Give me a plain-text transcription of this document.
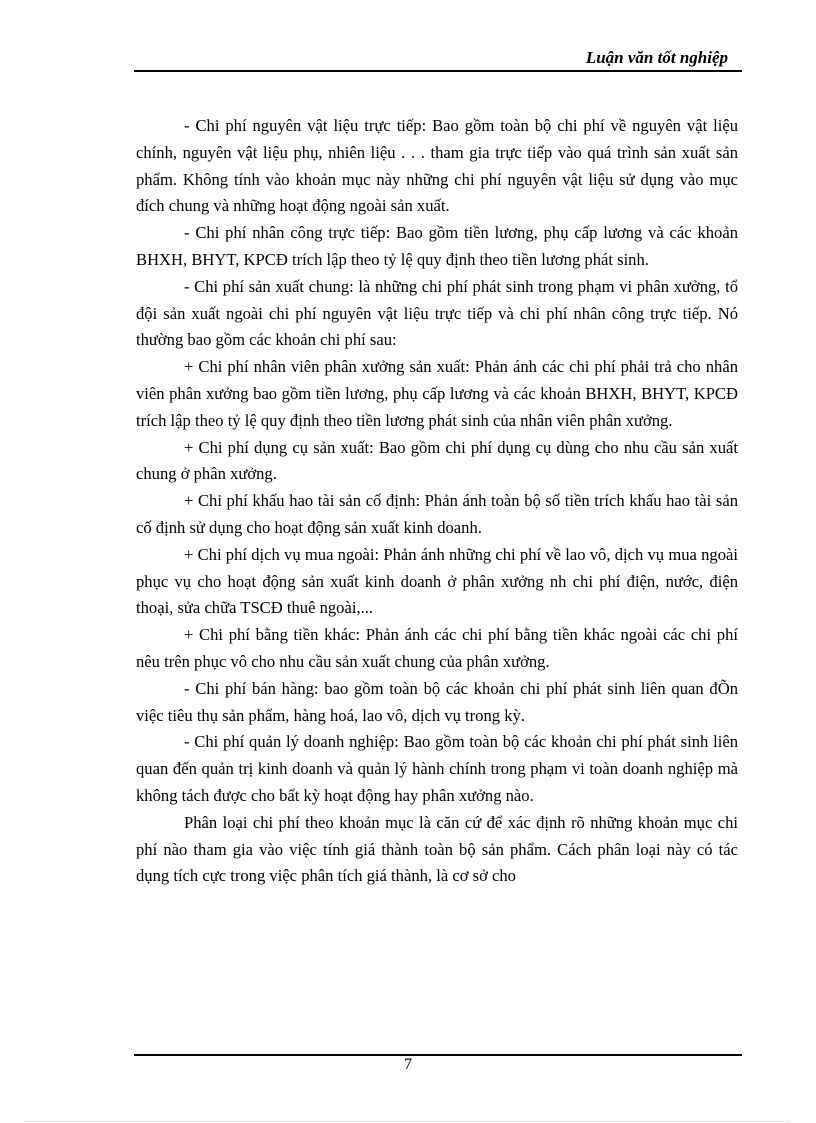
Luận văn tốt nghiệp

- Chi phí nguyên vật liệu trực tiếp: Bao gồm toàn bộ chi phí về nguyên vật liệu chính, nguyên vật liệu phụ, nhiên liệu . . . tham gia trực tiếp vào quá trình sản xuất sản phẩm. Không tính vào khoản mục này những chi phí nguyên vật liệu sử dụng vào mục đích chung và những hoạt động ngoài sản xuất.

- Chi phí nhân công trực tiếp: Bao gồm tiền lương, phụ cấp lương và các khoản BHXH, BHYT, KPCĐ trích lập theo tỷ lệ quy định theo tiền lương phát sinh.

- Chi phí sản xuất chung: là những chi phí phát sinh trong phạm vi phân xưởng, tổ đội sản xuất ngoài chi phí nguyên vật liệu trực tiếp và chi phí nhân công trực tiếp. Nó thường bao gồm các khoản chi phí sau:

+ Chi phí nhân viên phân xưởng sản xuất: Phản ánh các chi phí phải trả cho nhân viên phân xưởng bao gồm tiền lương, phụ cấp lương và các khoản BHXH, BHYT, KPCĐ trích lập theo tỷ lệ quy định theo tiền lương phát sinh của nhân viên phân xưởng.

+ Chi phí dụng cụ sản xuất: Bao gồm chi phí dụng cụ dùng cho nhu cầu sản xuất chung ở phân xưởng.

+ Chi phí khấu hao tài sản cố định: Phản ánh toàn bộ số tiền trích khấu hao tài sản cố định sử dụng cho hoạt động sản xuất kinh doanh.

+ Chi phí dịch vụ mua ngoài: Phản ánh những chi phí về lao vô, dịch vụ mua ngoài phục vụ cho hoạt động sản xuất kinh doanh ở phân xưởng nh chi phí điện, nước, điện thoại, sửa chữa TSCĐ thuê ngoài,...

+ Chi phí bằng tiền khác: Phản ánh các chi phí bằng tiền khác ngoài các chi phí nêu trên phục vô cho nhu cầu sản xuất chung của phân xưởng.

- Chi phí bán hàng: bao gồm toàn bộ các khoản chi phí phát sinh liên quan đÕn việc tiêu thụ sản phẩm, hàng hoá, lao vô, dịch vụ trong kỳ.

- Chi phí quản lý doanh nghiệp: Bao gồm toàn bộ các khoản chi phí phát sinh liên quan đến quản trị kinh doanh và quản lý hành chính trong phạm vi toàn doanh nghiệp mà không tách được cho bất kỳ hoạt động hay phân xưởng nào.

Phân loại chi phí theo khoản mục là căn cứ để xác định rõ những khoản mục chi phí nào tham gia vào việc tính giá thành toàn bộ sản phẩm. Cách phân loại này có tác dụng tích cực trong việc phân tích giá thành, là cơ sở cho

7
